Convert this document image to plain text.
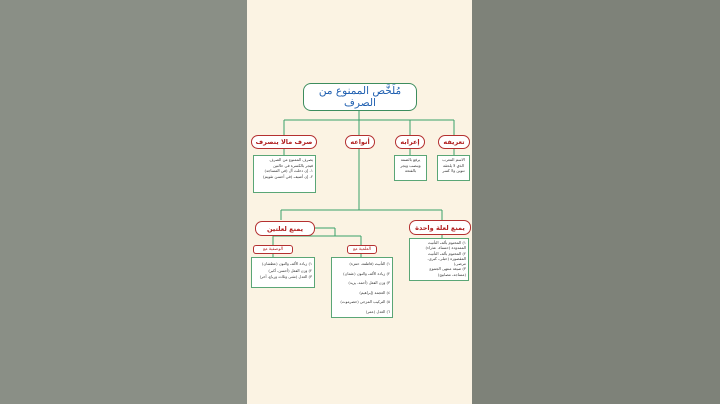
مُلَخَّص الممنوع من الصرف
صرف مالا ينصرف	أنواعه	إعرابه	تعريفه
يصرف الممنوع من الصرف
فيجر بالكسرة في حالتين
١- إن دخلت أل (في المساجد)
٢- إن أضيف (في أحسن تقويم)
يرفع بالضمة
وينصب ويجر
بالفتحة
الاسم المعرب
الذي لا يلحقه
تنوين ولا كسر
يمنع لعلة واحدة
يمنع لعلتين
١) المختوم بألف التأنيث
الممدودة (حسناء، عذراء)
٢) المختوم بألف التأنيث
المقصورة (حبلى، كبرى،
مرضى)
٣) صيغة منتهى الجموع
(مساجد، مصابيح)
الوصفية مع	العلمية مع
١) زيادة الألف والنون (عطشان)
٢) وزن الفعل (أحسن، أكبر)
٣) العدل (مثنى وثلاث ورباع، أخر)
١) التأنيث (فاطمة، حمزة)
٢) زيادة الألف والنون (عثمان)
٣) وزن الفعل (أحمد، يزيد)
٤) العجمة (إبراهيم)
٥) التركيب المزجي (حضرموت)
٦) العدل (عمر)
